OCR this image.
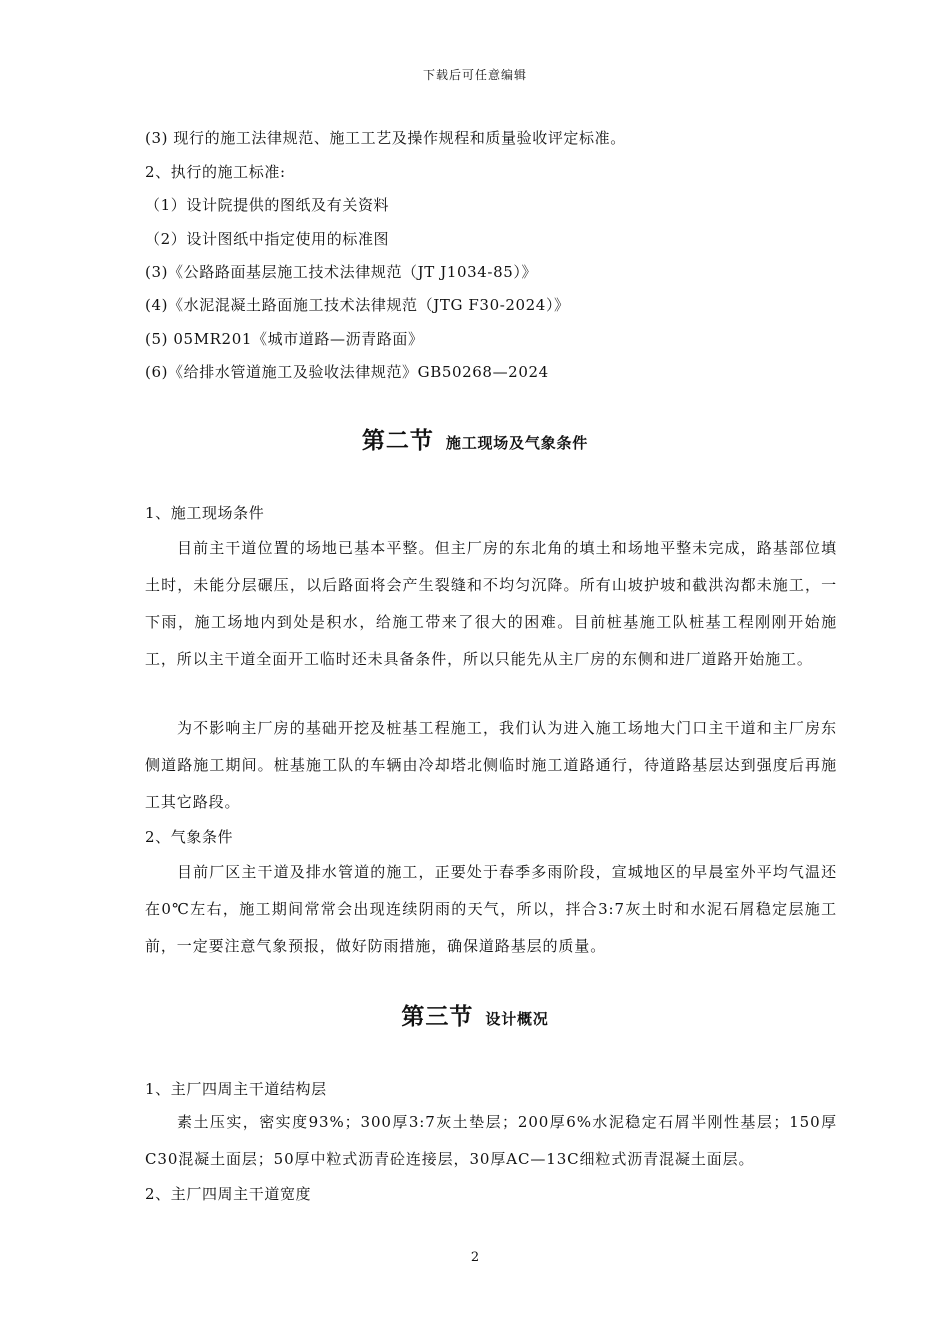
下载后可任意编辑
(3) 现行的施工法律规范、施工工艺及操作规程和质量验收评定标准。
2、执行的施工标准:
（1）设计院提供的图纸及有关资料
（2）设计图纸中指定使用的标准图
(3)《公路路面基层施工技术法律规范（JT J1034-85）》
(4)《水泥混凝土路面施工技术法律规范（JTG F30-2024）》
(5) 05MR201《城市道路—沥青路面》
(6)《给排水管道施工及验收法律规范》GB50268—2024
第二节 施工现场及气象条件
1、施工现场条件
目前主干道位置的场地已基本平整。但主厂房的东北角的填土和场地平整未完成，路基部位填土时，未能分层碾压，以后路面将会产生裂缝和不均匀沉降。所有山坡护坡和截洪沟都未施工，一下雨，施工场地内到处是积水，给施工带来了很大的困难。目前桩基施工队桩基工程刚刚开始施工，所以主干道全面开工临时还未具备条件，所以只能先从主厂房的东侧和进厂道路开始施工。
为不影响主厂房的基础开挖及桩基工程施工，我们认为进入施工场地大门口主干道和主厂房东侧道路施工期间。桩基施工队的车辆由冷却塔北侧临时施工道路通行，待道路基层达到强度后再施工其它路段。
2、气象条件
目前厂区主干道及排水管道的施工，正要处于春季多雨阶段，宣城地区的早晨室外平均气温还在0℃左右，施工期间常常会出现连续阴雨的天气，所以，拌合3:7灰土时和水泥石屑稳定层施工前，一定要注意气象预报，做好防雨措施，确保道路基层的质量。
第三节 设计概况
1、主厂四周主干道结构层
素土压实，密实度93%；300厚3:7灰土垫层；200厚6%水泥稳定石屑半刚性基层；150厚C30混凝土面层；50厚中粒式沥青砼连接层，30厚AC—13C细粒式沥青混凝土面层。
2、主厂四周主干道宽度
2
